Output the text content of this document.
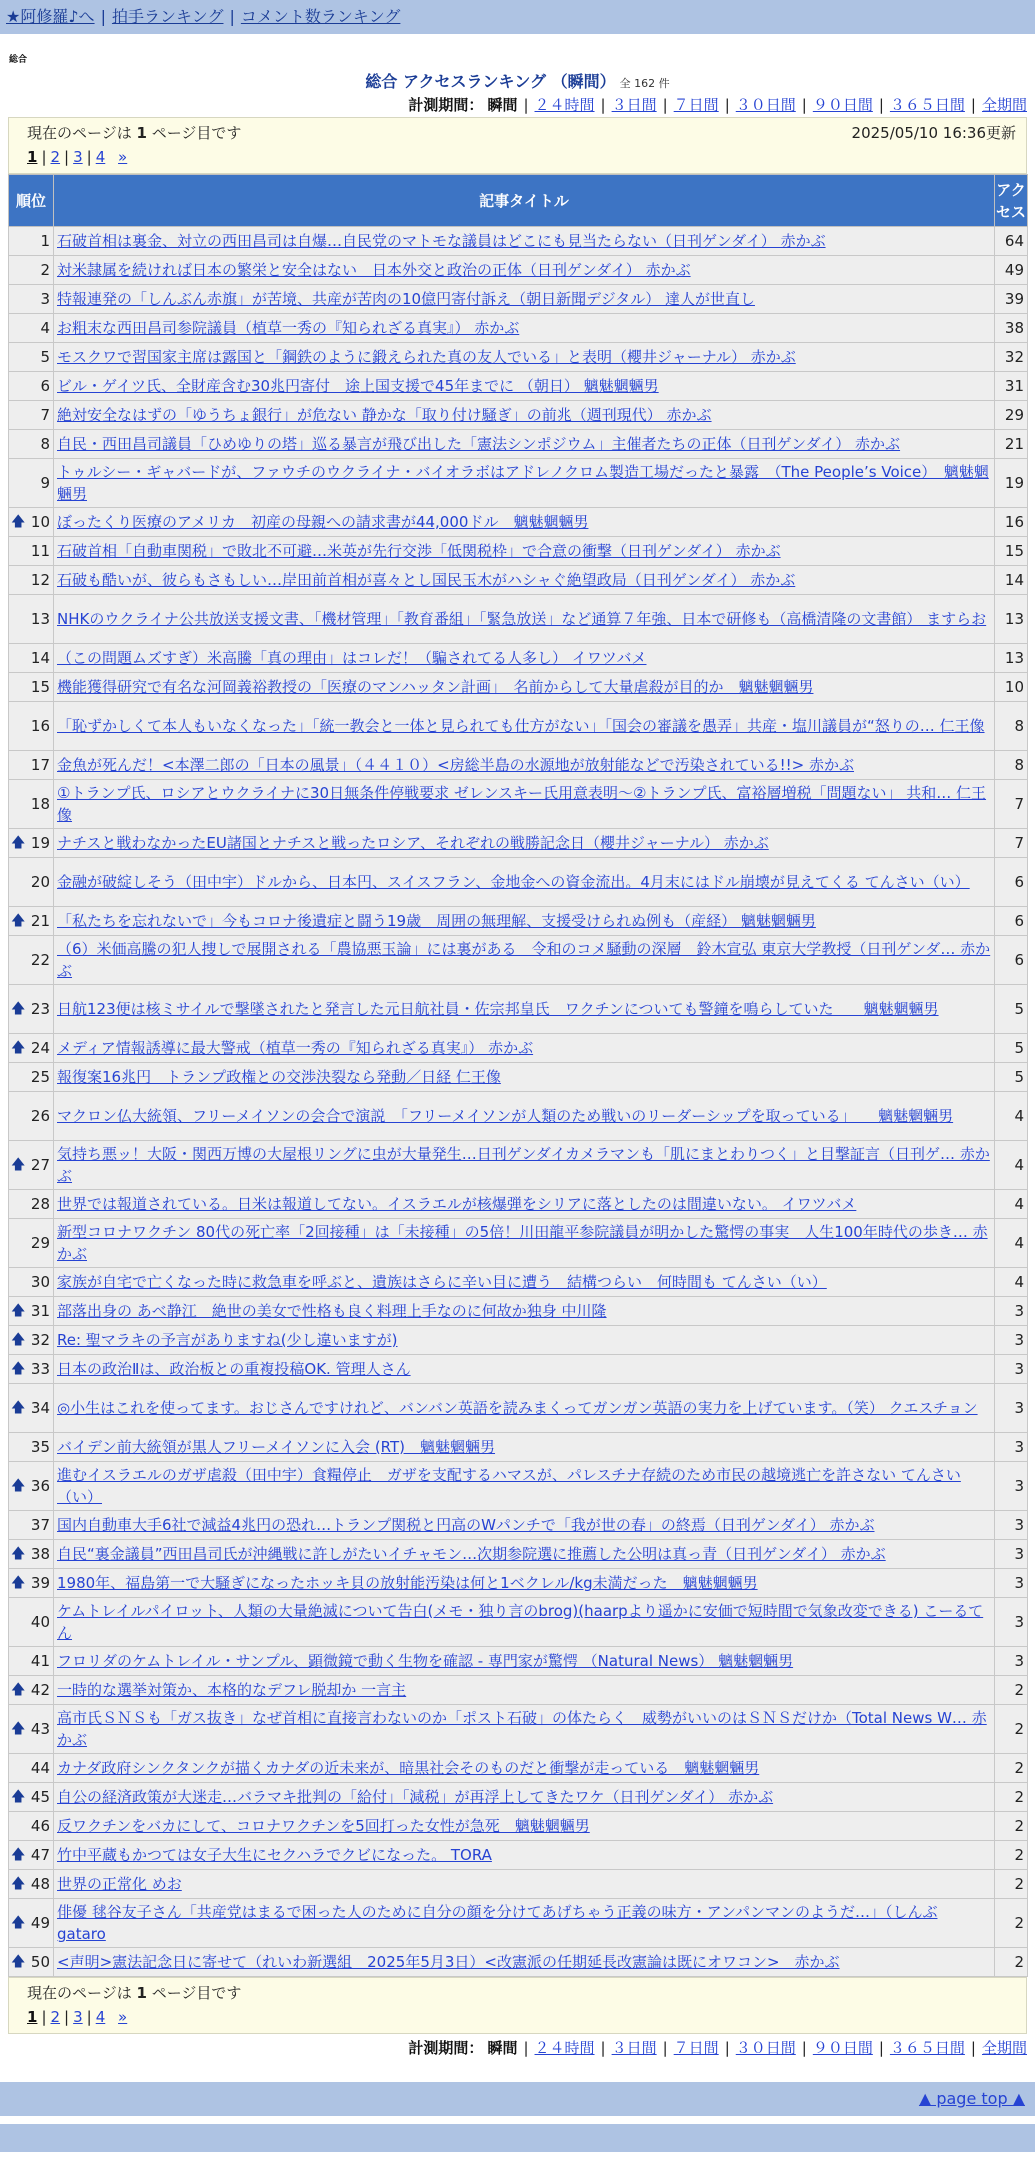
★阿修羅♪へ | 拍手ランキング | コメント数ランキング
総合
総合 アクセスランキング （瞬間） 全 162 件
計測期間： 瞬間 | ２４時間 | ３日間 | ７日間 | ３０日間 | ９０日間 | ３６５日間 | 全期間
現在のページは 1 ページ目です	2025/05/10 16:36更新
1 | 2 | 3 | 4 »
順位	記事タイトル	アクセス
1	石破首相は裏金、対立の西田昌司は自爆…自民党のマトモな議員はどこにも見当たらない（日刊ゲンダイ） 赤かぶ	64
2	対米隷属を続ければ日本の繁栄と安全はない　日本外交と政治の正体（日刊ゲンダイ） 赤かぶ	49
3	特報連発の「しんぶん赤旗」が苦境、共産が苦肉の10億円寄付訴え（朝日新聞デジタル） 達人が世直し	39
4	お粗末な西田昌司参院議員（植草一秀の『知られざる真実』） 赤かぶ	38
5	モスクワで習国家主席は露国と「鋼鉄のように鍛えられた真の友人でいる」と表明（櫻井ジャーナル） 赤かぶ	32
6	ビル・ゲイツ氏、全財産含む30兆円寄付　途上国支援で45年までに （朝日） 魑魅魍魎男	31
7	絶対安全なはずの「ゆうちょ銀行」が危ない 静かな「取り付け騒ぎ」の前兆（週刊現代） 赤かぶ	29
8	自民・西田昌司議員「ひめゆりの塔」巡る暴言が飛び出した「憲法シンポジウム」主催者たちの正体（日刊ゲンダイ） 赤かぶ	21
9	トゥルシー・ギャバードが、ファウチのウクライナ・バイオラボはアドレノクロム製造工場だったと暴露　（The People’s Voice）　魑魅魍魎男	19

🡅 10	ぼったくり医療のアメリカ　初産の母親への請求書が44,000ドル　魑魅魍魎男	16
11	石破首相「自動車関税」で敗北不可避…米英が先行交渉「低関税枠」で合意の衝撃（日刊ゲンダイ） 赤かぶ	15
12	石破も酷いが、彼らもさもしい…岸田前首相が喜々とし国民玉木がハシャぐ絶望政局（日刊ゲンダイ） 赤かぶ	14
13	NHKのウクライナ公共放送支援文書、「機材管理」「教育番組」「緊急放送」など通算７年強、日本で研修も（高橋清隆の文書館） ますらお	13
14	（この問題ムズすぎ）米高騰「真の理由」はコレだ！（騙されてる人多し） イワツバメ	13
15	機能獲得研究で有名な河岡義裕教授の「医療のマンハッタン計画」　名前からして大量虐殺が目的か　魑魅魍魎男	10
16	「恥ずかしくて本人もいなくなった」「統一教会と一体と見られても仕方がない」「国会の審議を愚弄」共産・塩川議員が“怒りの… 仁王像	8
17	金魚が死んだ！<本澤二郎の「日本の風景」（４４１０）<房総半島の水源地が放射能などで汚染されている!!> 赤かぶ	8
18	①トランプ氏、ロシアとウクライナに30日無条件停戦要求 ゼレンスキー氏用意表明～②トランプ氏、富裕層増税「問題ない」 共和… 仁王像	7

🡅 19	ナチスと戦わなかったEU諸国とナチスと戦ったロシア、それぞれの戦勝記念日（櫻井ジャーナル） 赤かぶ	7
20	金融が破綻しそう（田中宇）ドルから、日本円、スイスフラン、金地金への資金流出。4月末にはドル崩壊が見えてくる てんさい（い）	6

🡅 21	「私たちを忘れないで」今もコロナ後遺症と闘う19歳　周囲の無理解、支援受けられぬ例も（産経） 魑魅魍魎男	6
22	（6）米価高騰の犯人捜しで展開される「農協悪玉論」には裏がある　令和のコメ騒動の深層　鈴木宣弘 東京大学教授（日刊ゲンダ… 赤かぶ	6

🡅 23	日航123便は核ミサイルで撃墜されたと発言した元日航社員・佐宗邦皇氏　ワクチンについても警鐘を鳴らしていた　　魑魅魍魎男	5

🡅 24	メディア情報誘導に最大警戒（植草一秀の『知られざる真実』） 赤かぶ	5
25	報復案16兆円　トランプ政権との交渉決裂なら発動／日経 仁王像	5
26	マクロン仏大統領、フリーメイソンの会合で演説　「フリーメイソンが人類のため戦いのリーダーシップを取っている」　　魑魅魍魎男	4

🡅 27	気持ち悪ッ！大阪・関西万博の大屋根リングに虫が大量発生…日刊ゲンダイカメラマンも「肌にまとわりつく」と目撃証言（日刊ゲ… 赤かぶ	4
28	世界では報道されている。日米は報道してない。イスラエルが核爆弾をシリアに落としたのは間違いない。 イワツバメ	4
29	新型コロナワクチン 80代の死亡率「2回接種」は「未接種」の5倍！川田龍平参院議員が明かした驚愕の事実　人生100年時代の歩き… 赤かぶ	4
30	家族が自宅で亡くなった時に救急車を呼ぶと、遺族はさらに辛い目に遭う　結構つらい　何時間も てんさい（い）	4

🡅 31	部落出身の あべ静江　絶世の美女で性格も良く料理上手なのに何故か独身 中川隆	3

🡅 32	Re: 聖マラキの予言がありますね(少し違いますが)	3

🡅 33	日本の政治Ⅱは、政治板との重複投稿OK. 管理人さん	3

🡅 34	◎小生はこれを使ってます。おじさんですけれど、バンバン英語を読みまくってガンガン英語の実力を上げています。（笑） クエスチョン	3
35	バイデン前大統領が黒人フリーメイソンに入会 (RT)　魑魅魍魎男	3

🡅 36	進むイスラエルのガザ虐殺（田中宇）食糧停止　ガザを支配するハマスが、パレスチナ存続のため市民の越境逃亡を許さない てんさい（い）	3
37	国内自動車大手6社で減益4兆円の恐れ…トランプ関税と円高のWパンチで「我が世の春」の終焉（日刊ゲンダイ） 赤かぶ	3

🡅 38	自民“裏金議員”西田昌司氏が沖縄戦に許しがたいイチャモン…次期参院選に推薦した公明は真っ青（日刊ゲンダイ） 赤かぶ	3

🡅 39	1980年、福島第一で大騒ぎになったホッキ貝の放射能汚染は何と1ベクレル/kg未満だった　魑魅魍魎男	3
40	ケムトレイルパイロット、人類の大量絶滅について告白(メモ・独り言のbrog)(haarpより遥かに安価で短時間で気象改変できる) こーるてん	3
41	フロリダのケムトレイル・サンプル、顕微鏡で動く生物を確認 - 専門家が驚愕 （Natural News） 魑魅魍魎男	3

🡅 42	一時的な選挙対策か、本格的なデフレ脱却か 一言主	2

🡅 43	高市氏ＳＮＳも「ガス抜き」なぜ首相に直接言わないのか「ポスト石破」の体たらく　威勢がいいのはＳＮＳだけか（Total News W… 赤かぶ	2
44	カナダ政府シンクタンクが描くカナダの近未来が、暗黒社会そのものだと衝撃が走っている　魑魅魍魎男	2

🡅 45	自公の経済政策が大迷走…バラマキ批判の「給付」「減税」が再浮上してきたワケ（日刊ゲンダイ） 赤かぶ	2
46	反ワクチンをバカにして、コロナワクチンを5回打った女性が急死　魑魅魍魎男	2

🡅 47	竹中平蔵もかつては女子大生にセクハラでクビになった。 TORA	2

🡅 48	世界の正常化 めお	2

🡅 49	俳優 毬谷友子さん「共産党はまるで困った人のために自分の顔を分けてあげちゃう正義の味方・アンパンマンのようだ…」（しんぶ gataro	2

🡅 50	<声明>憲法記念日に寄せて（れいわ新選組　2025年5月3日）<改憲派の任期延長改憲論は既にオワコン>　赤かぶ	2
現在のページは 1 ページ目です
1 | 2 | 3 | 4 »
計測期間： 瞬間 | ２４時間 | ３日間 | ７日間 | ３０日間 | ９０日間 | ３６５日間 | 全期間
▲ page top ▲
